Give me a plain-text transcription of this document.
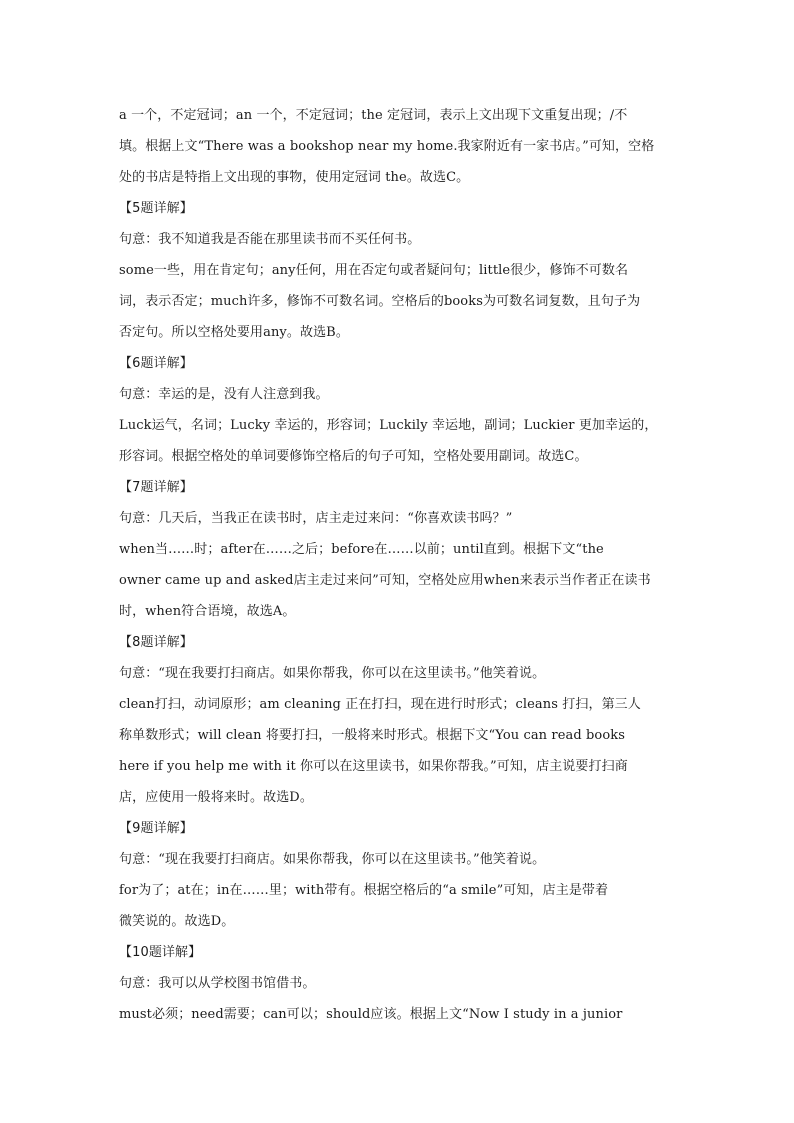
a 一个，不定冠词；an 一个，不定冠词；the 定冠词，表示上文出现下文重复出现；/不
填。根据上文“There was a bookshop near my home.我家附近有一家书店。”可知，空格
处的书店是特指上文出现的事物，使用定冠词 the。故选C。
【5题详解】
句意：我不知道我是否能在那里读书而不买任何书。
some一些，用在肯定句；any任何，用在否定句或者疑问句；little很少，修饰不可数名
词，表示否定；much许多，修饰不可数名词。空格后的books为可数名词复数，且句子为
否定句。所以空格处要用any。故选B。
【6题详解】
句意：幸运的是，没有人注意到我。
Luck运气，名词；Lucky 幸运的，形容词；Luckily 幸运地，副词；Luckier 更加幸运的，
形容词。根据空格处的单词要修饰空格后的句子可知，空格处要用副词。故选C。
【7题详解】
句意：几天后，当我正在读书时，店主走过来问：“你喜欢读书吗？”
when当……时；after在……之后；before在……以前；until直到。根据下文“the
owner came up and asked店主走过来问”可知，空格处应用when来表示当作者正在读书
时，when符合语境，故选A。
【8题详解】
句意：“现在我要打扫商店。如果你帮我，你可以在这里读书。”他笑着说。
clean打扫，动词原形；am cleaning 正在打扫，现在进行时形式；cleans 打扫，第三人
称单数形式；will clean 将要打扫，一般将来时形式。根据下文“You can read books
here if you help me with it 你可以在这里读书，如果你帮我。”可知，店主说要打扫商
店，应使用一般将来时。故选D。
【9题详解】
句意：“现在我要打扫商店。如果你帮我，你可以在这里读书。”他笑着说。
for为了；at在；in在……里；with带有。根据空格后的“a smile”可知，店主是带着
微笑说的。故选D。
【10题详解】
句意：我可以从学校图书馆借书。
must必须；need需要；can可以；should应该。根据上文“Now I study in a junior
